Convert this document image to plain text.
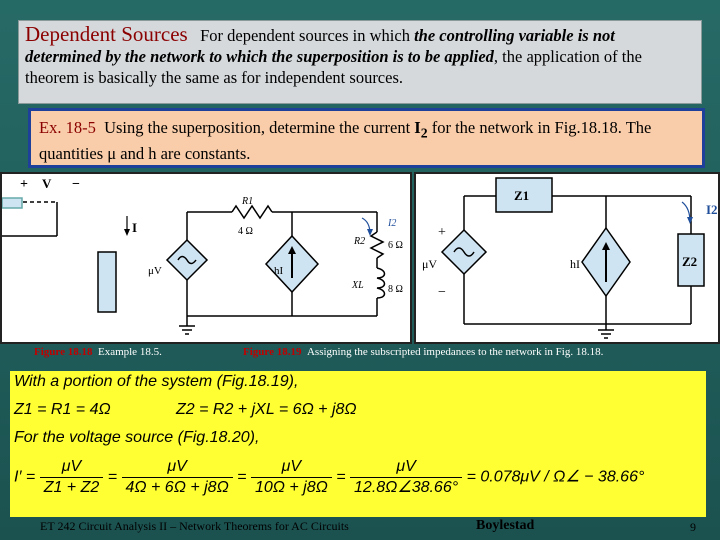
Dependent Sources For dependent sources in which the controlling variable is not determined by the network to which the superposition is to be applied, the application of the theorem is basically the same as for independent sources.
Ex. 18-5 Using the superposition, determine the current $I_2$ for the network in Fig.18.18. The quantities μ and h are constants.
+ V −
I
R1
4 Ω
I2
R2 6 Ω
XL 8 Ω
μV	hI
Z1
Z2
I2
μV	hI
+
−
Figure 18.18 Example 18.5.	Figure 18.19 Assigning the subscripted impedances to the network in Fig. 18.18.
With a portion of the system (Fig.18.19),
Z1 = R1 = 4Ω	Z2 = R2 + jXL = 6Ω + j8Ω
For the voltage source (Fig.18.20),
$I' = \frac{\mu V}{Z1 + Z2} = \frac{\mu V}{4\Omega + 6\Omega + j8\Omega} = \frac{\mu V}{10\Omega + j8\Omega} = \frac{\mu V}{12.8\Omega\angle 38.66^\circ} = 0.078\mu V$ / Ω∠ − 38.66°
ET 242 Circuit Analysis II – Network Theorems for AC Circuits	Boylestad	9
